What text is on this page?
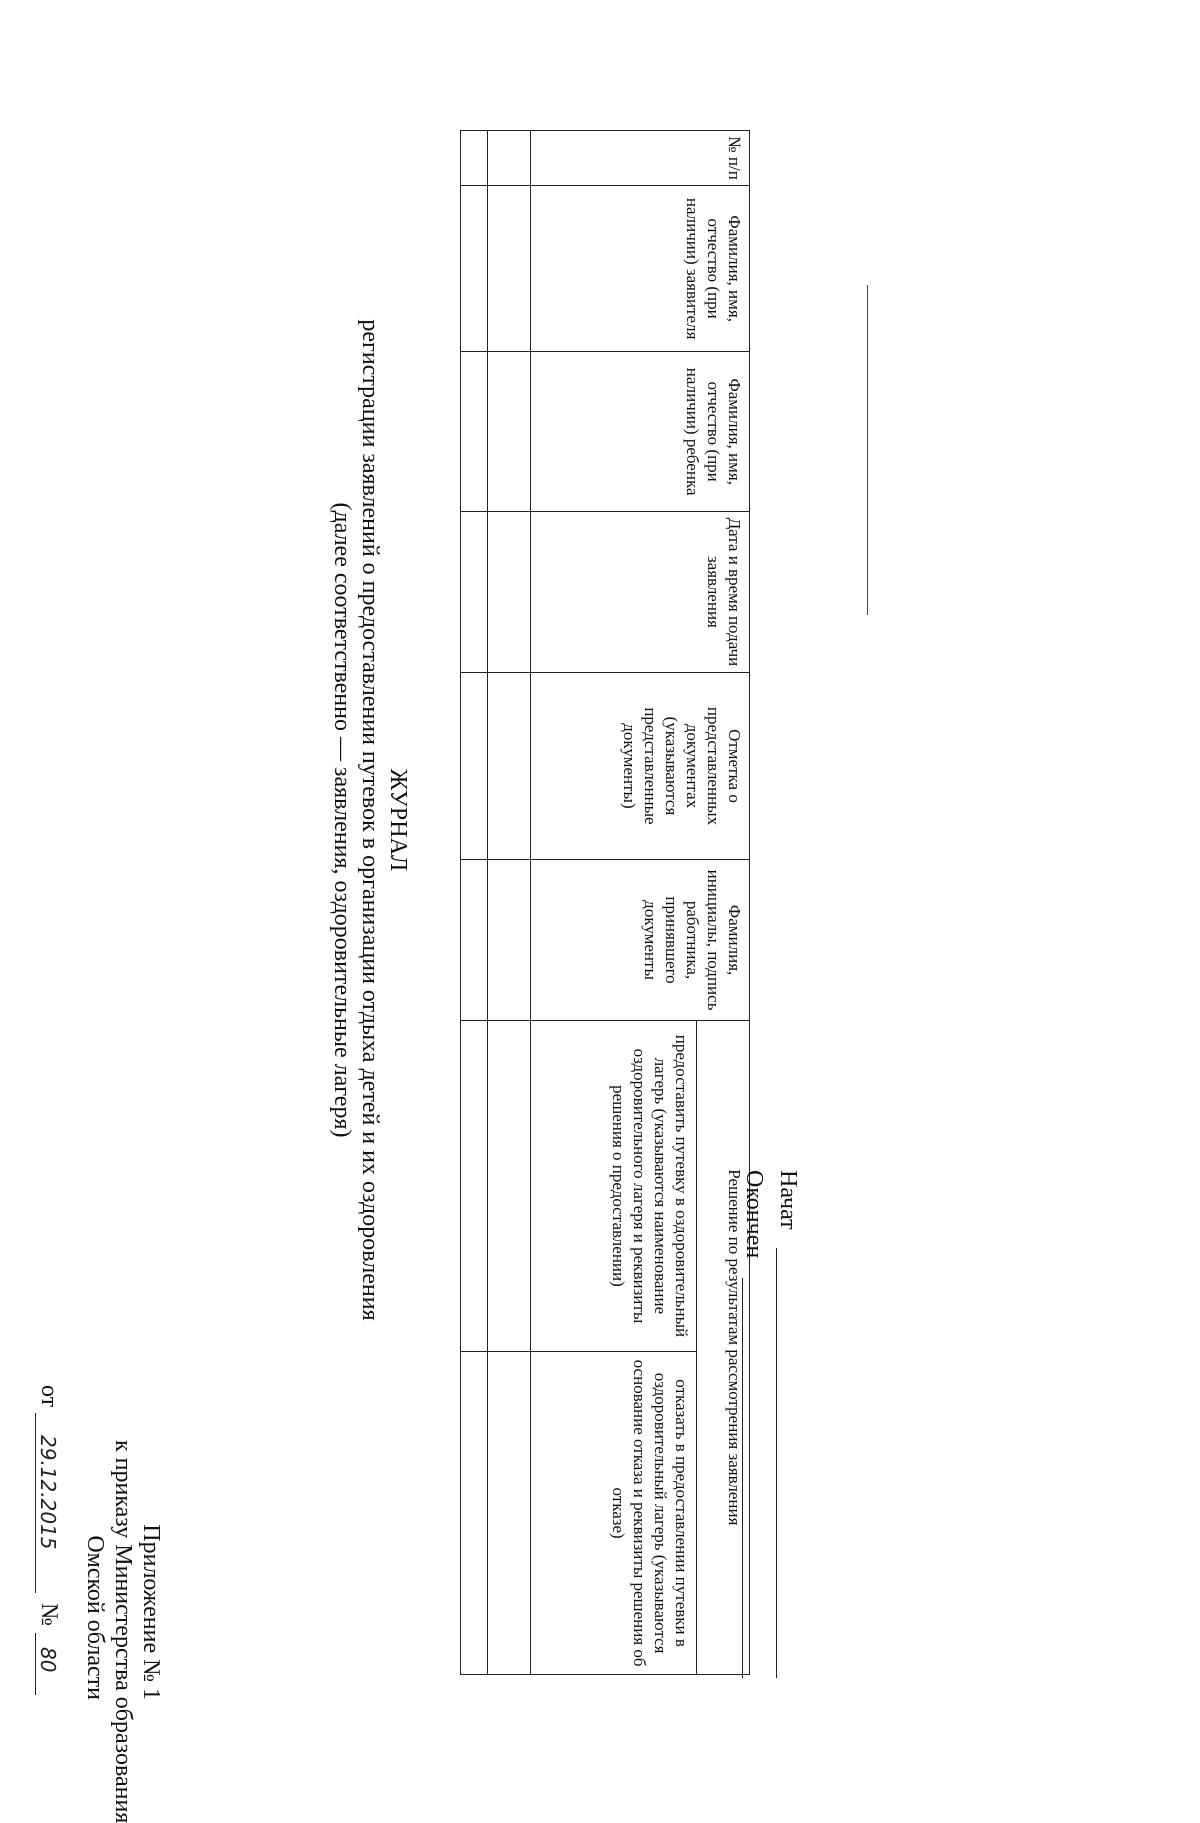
Приложение № 1
к приказу Министерства образования
Омской области
от
29.12.2015
№
80
ЖУРНАЛ
регистрации заявлений о предоставлении путевок в организации отдыха детей и их оздоровления
(далее соответственно — заявления, оздоровительные лагеря)
№ п/п	Фамилия, имя, отчество (при наличии) заявителя	Фамилия, имя, отчество (при наличии) ребенка	Дата и время подачи заявления	Отметка о представленных документах (указываются представленные документы)	Фамилия, инициалы, подпись работника, принявшего документы	Решение по результатам рассмотрения заявления	
						предоставить путевку в оздоровительный лагерь (указываются наименование оздоровительного лагеря и реквизиты решения о предоставлении)	отказать в предоставлении путевки в оздоровительный лагерь (указываются основание отказа и реквизиты решения об отказе)

Начат
Окончен
